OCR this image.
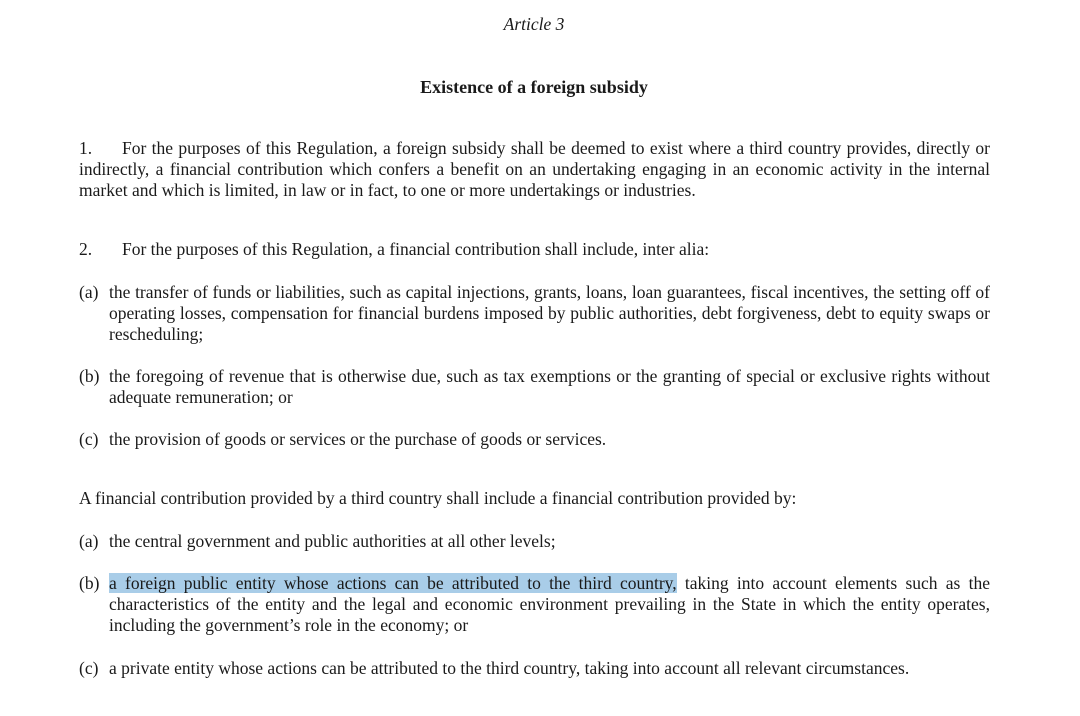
Article 3
Existence of a foreign subsidy
1. For the purposes of this Regulation, a foreign subsidy shall be deemed to exist where a third country provides, directly or indirectly, a financial contribution which confers a benefit on an undertaking engaging in an economic activity in the internal market and which is limited, in law or in fact, to one or more undertakings or industries.
2. For the purposes of this Regulation, a financial contribution shall include, inter alia:
(a) the transfer of funds or liabilities, such as capital injections, grants, loans, loan guarantees, fiscal incentives, the setting off of operating losses, compensation for financial burdens imposed by public authorities, debt forgiveness, debt to equity swaps or rescheduling;
(b) the foregoing of revenue that is otherwise due, such as tax exemptions or the granting of special or exclusive rights without adequate remuneration; or
(c) the provision of goods or services or the purchase of goods or services.
A financial contribution provided by a third country shall include a financial contribution provided by:
(a) the central government and public authorities at all other levels;
(b) a foreign public entity whose actions can be attributed to the third country, taking into account elements such as the characteristics of the entity and the legal and economic environment prevailing in the State in which the entity operates, including the government’s role in the economy; or
(c) a private entity whose actions can be attributed to the third country, taking into account all relevant circumstances.
